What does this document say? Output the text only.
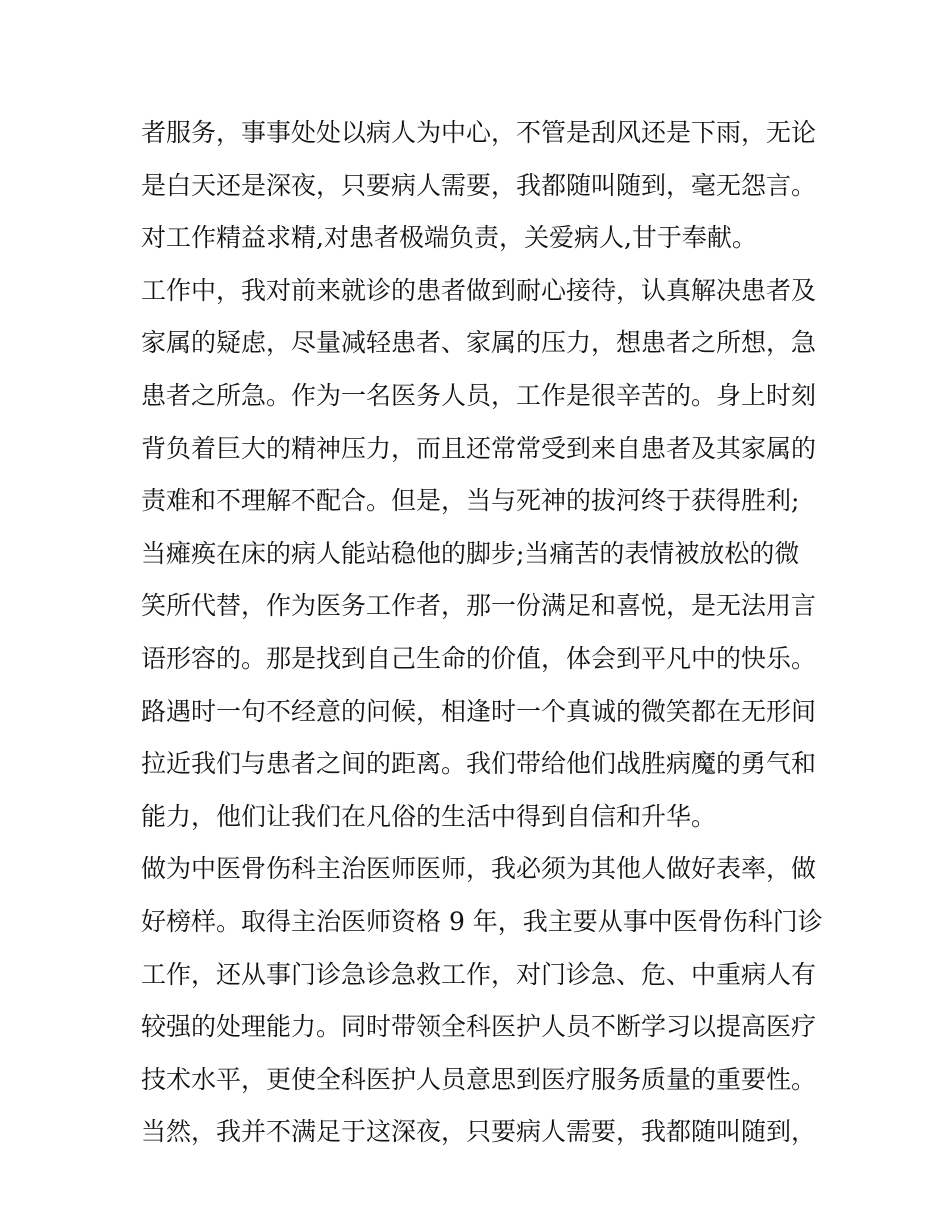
者服务，事事处处以病人为中心，不管是刮风还是下雨，无论
是白天还是深夜，只要病人需要，我都随叫随到，毫无怨言。
对工作精益求精,对患者极端负责，关爱病人,甘于奉献。
工作中，我对前来就诊的患者做到耐心接待，认真解决患者及
家属的疑虑，尽量减轻患者、家属的压力，想患者之所想，急
患者之所急。作为一名医务人员，工作是很辛苦的。身上时刻
背负着巨大的精神压力，而且还常常受到来自患者及其家属的
责难和不理解不配合。但是，当与死神的拔河终于获得胜利;
当瘫痪在床的病人能站稳他的脚步;当痛苦的表情被放松的微
笑所代替，作为医务工作者，那一份满足和喜悦，是无法用言
语形容的。那是找到自己生命的价值，体会到平凡中的快乐。
路遇时一句不经意的问候，相逢时一个真诚的微笑都在无形间
拉近我们与患者之间的距离。我们带给他们战胜病魔的勇气和
能力，他们让我们在凡俗的生活中得到自信和升华。
做为中医骨伤科主治医师医师，我必须为其他人做好表率，做
好榜样。取得主治医师资格 9 年，我主要从事中医骨伤科门诊
工作，还从事门诊急诊急救工作，对门诊急、危、中重病人有
较强的处理能力。同时带领全科医护人员不断学习以提高医疗
技术水平，更使全科医护人员意思到医疗服务质量的重要性。
当然，我并不满足于这深夜，只要病人需要，我都随叫随到，
